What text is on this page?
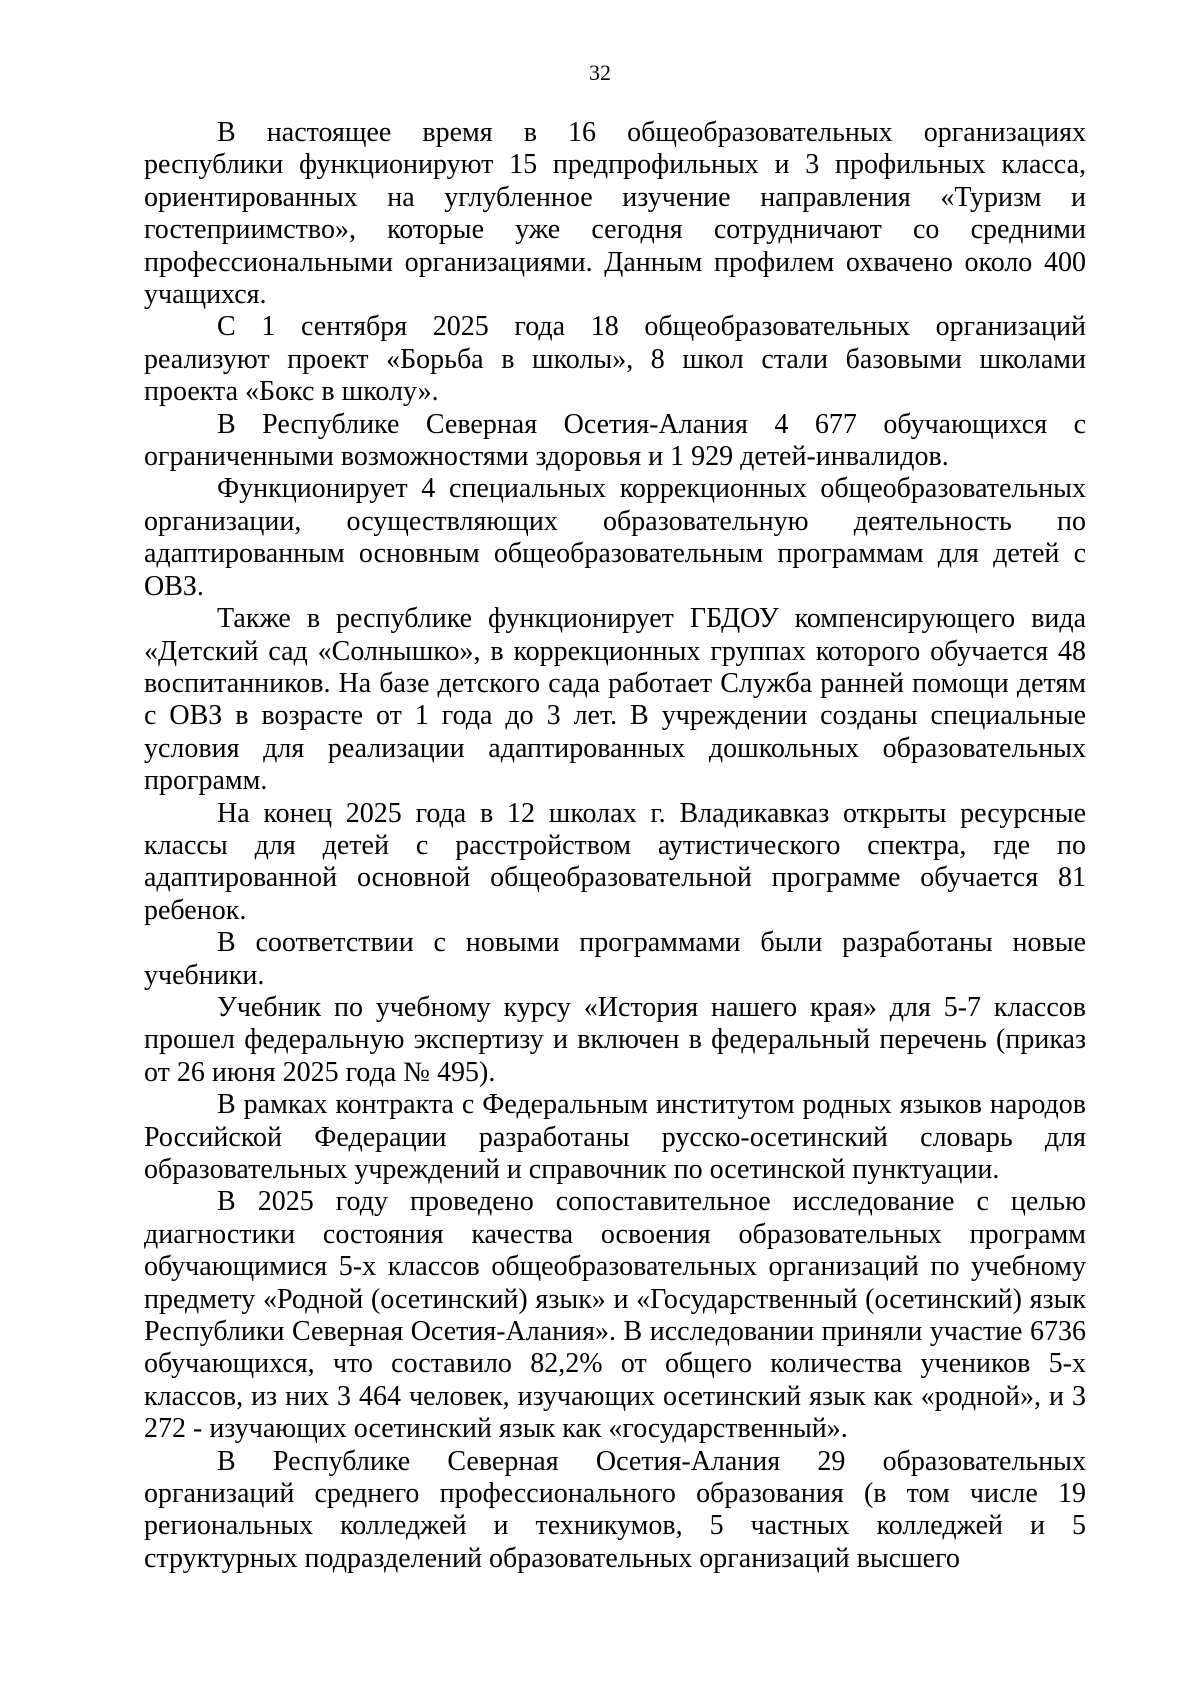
32

В настоящее время в 16 общеобразовательных организациях республики функционируют 15 предпрофильных и 3 профильных класса, ориентированных на углубленное изучение направления «Туризм и гостеприимство», которые уже сегодня сотрудничают со средними профессиональными организациями. Данным профилем охвачено около 400 учащихся.

С 1 сентября 2025 года 18 общеобразовательных организаций реализуют проект «Борьба в школы», 8 школ стали базовыми школами проекта «Бокс в школу».

В Республике Северная Осетия-Алания 4 677 обучающихся с ограниченными возможностями здоровья и 1 929 детей-инвалидов.

Функционирует 4 специальных коррекционных общеобразовательных организации, осуществляющих образовательную деятельность по адаптированным основным общеобразовательным программам для детей с ОВЗ.

Также в республике функционирует ГБДОУ компенсирующего вида «Детский сад «Солнышко», в коррекционных группах которого обучается 48 воспитанников. На базе детского сада работает Служба ранней помощи детям с ОВЗ в возрасте от 1 года до 3 лет. В учреждении созданы специальные условия для реализации адаптированных дошкольных образовательных программ.

На конец 2025 года в 12 школах г. Владикавказ открыты ресурсные классы для детей с расстройством аутистического спектра, где по адаптированной основной общеобразовательной программе обучается 81 ребенок.

В соответствии с новыми программами были разработаны новые учебники.

Учебник по учебному курсу «История нашего края» для 5-7 классов прошел федеральную экспертизу и включен в федеральный перечень (приказ от 26 июня 2025 года № 495).

В рамках контракта с Федеральным институтом родных языков народов Российской Федерации разработаны русско-осетинский словарь для образовательных учреждений и справочник по осетинской пунктуации.

В 2025 году проведено сопоставительное исследование с целью диагностики состояния качества освоения образовательных программ обучающимися 5-х классов общеобразовательных организаций по учебному предмету «Родной (осетинский) язык» и «Государственный (осетинский) язык Республики Северная Осетия-Алания». В исследовании приняли участие 6736 обучающихся, что составило 82,2% от общего количества учеников 5-х классов, из них 3 464 человек, изучающих осетинский язык как «родной», и 3 272 - изучающих осетинский язык как «государственный».

В Республике Северная Осетия-Алания 29 образовательных организаций среднего профессионального образования (в том числе 19 региональных колледжей и техникумов, 5 частных колледжей и 5 структурных подразделений образовательных организаций высшего
